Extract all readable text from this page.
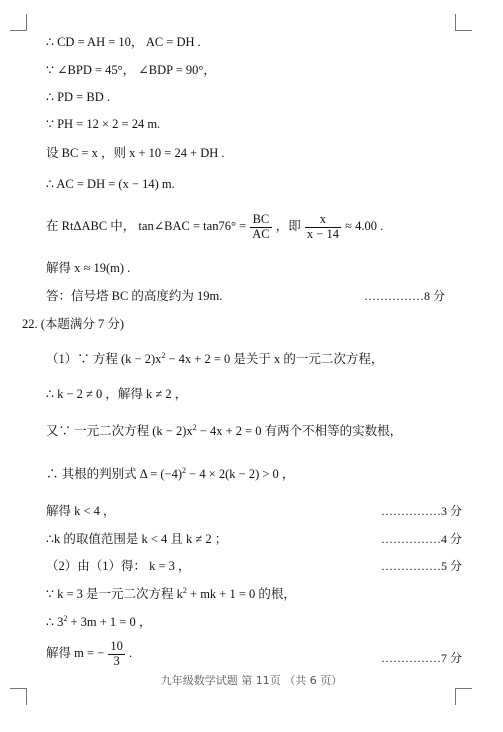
∴ CD = AH = 10， AC = DH .
∵ ∠BPD = 45°， ∠BDP = 90°，
∴ PD = BD .
∵ PH = 12 × 2 = 24 m.
设 BC = x ，则 x + 10 = 24 + DH .
∴ AC = DH = (x − 14) m.
在 RtΔABC 中， tan∠BAC = $\tan 76^\circ = \frac{BC}{AC}$ ，即 $\frac{x}{x - 14} \approx 4.00$ .
解得 x ≈ 19(m) .
答：信号塔 BC 的高度约为 19m.	……………8 分
22. (本题满分 7 分)
（1）∵ 方程 $(k - 2)x^2 - 4x + 2 = 0$ 是关于 x 的一元二次方程，
∴ k − 2 ≠ 0 ，解得 k ≠ 2 ，
又∵ 一元二次方程 $(k - 2)x^2 - 4x + 2 = 0$ 有两个不相等的实数根，
∴ 其根的判别式 $\Delta = (-4)^2 - 4 \times 2(k - 2) > 0$ ，
解得 k < 4 ，	……………3 分
∴k 的取值范围是 k < 4 且 k ≠ 2 ；	……………4 分
（2）由（1）得： k = 3 ，	……………5 分
∵ k = 3 是一元二次方程 $k^2$ + mk + 1 = 0 的根，
∴ $3^2 + 3m + 1 = 0$ ，
解得 m = − $\frac{10}{3}$ .	……………7 分
九年级数学试题 第 11页 （共 6 页）
